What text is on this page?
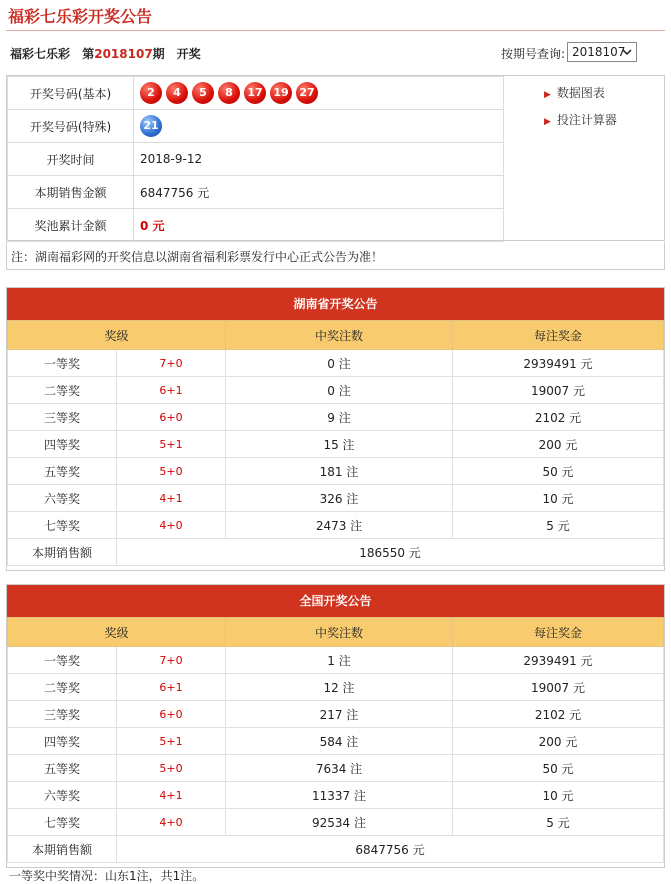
福彩七乐彩开奖公告
福彩七乐彩 第2018107期　开奖	按期号查询: 2018107
开奖号码(基本)	2 4 5 8 17 19 27
开奖号码(特殊)	21
开奖时间	2018-9-12
本期销售金额	6847756 元
奖池累计金额	0 元
▶ 数据图表
▶ 投注计算器
注：湖南福彩网的开奖信息以湖南省福利彩票发行中心正式公告为准！
湖南省开奖公告
奖级		中奖注数	每注奖金
一等奖	7+0	0 注	2939491 元
二等奖	6+1	0 注	19007 元
三等奖	6+0	9 注	2102 元
四等奖	5+1	15 注	200 元
五等奖	5+0	181 注	50 元
六等奖	4+1	326 注	10 元
七等奖	4+0	2473 注	5 元
本期销售额	186550 元		
全国开奖公告
奖级		中奖注数	每注奖金
一等奖	7+0	1 注	2939491 元
二等奖	6+1	12 注	19007 元
三等奖	6+0	217 注	2102 元
四等奖	5+1	584 注	200 元
五等奖	5+0	7634 注	50 元
六等奖	4+1	11337 注	10 元
七等奖	4+0	92534 注	5 元
本期销售额	6847756 元		
一等奖中奖情况：山东1注，共1注。
